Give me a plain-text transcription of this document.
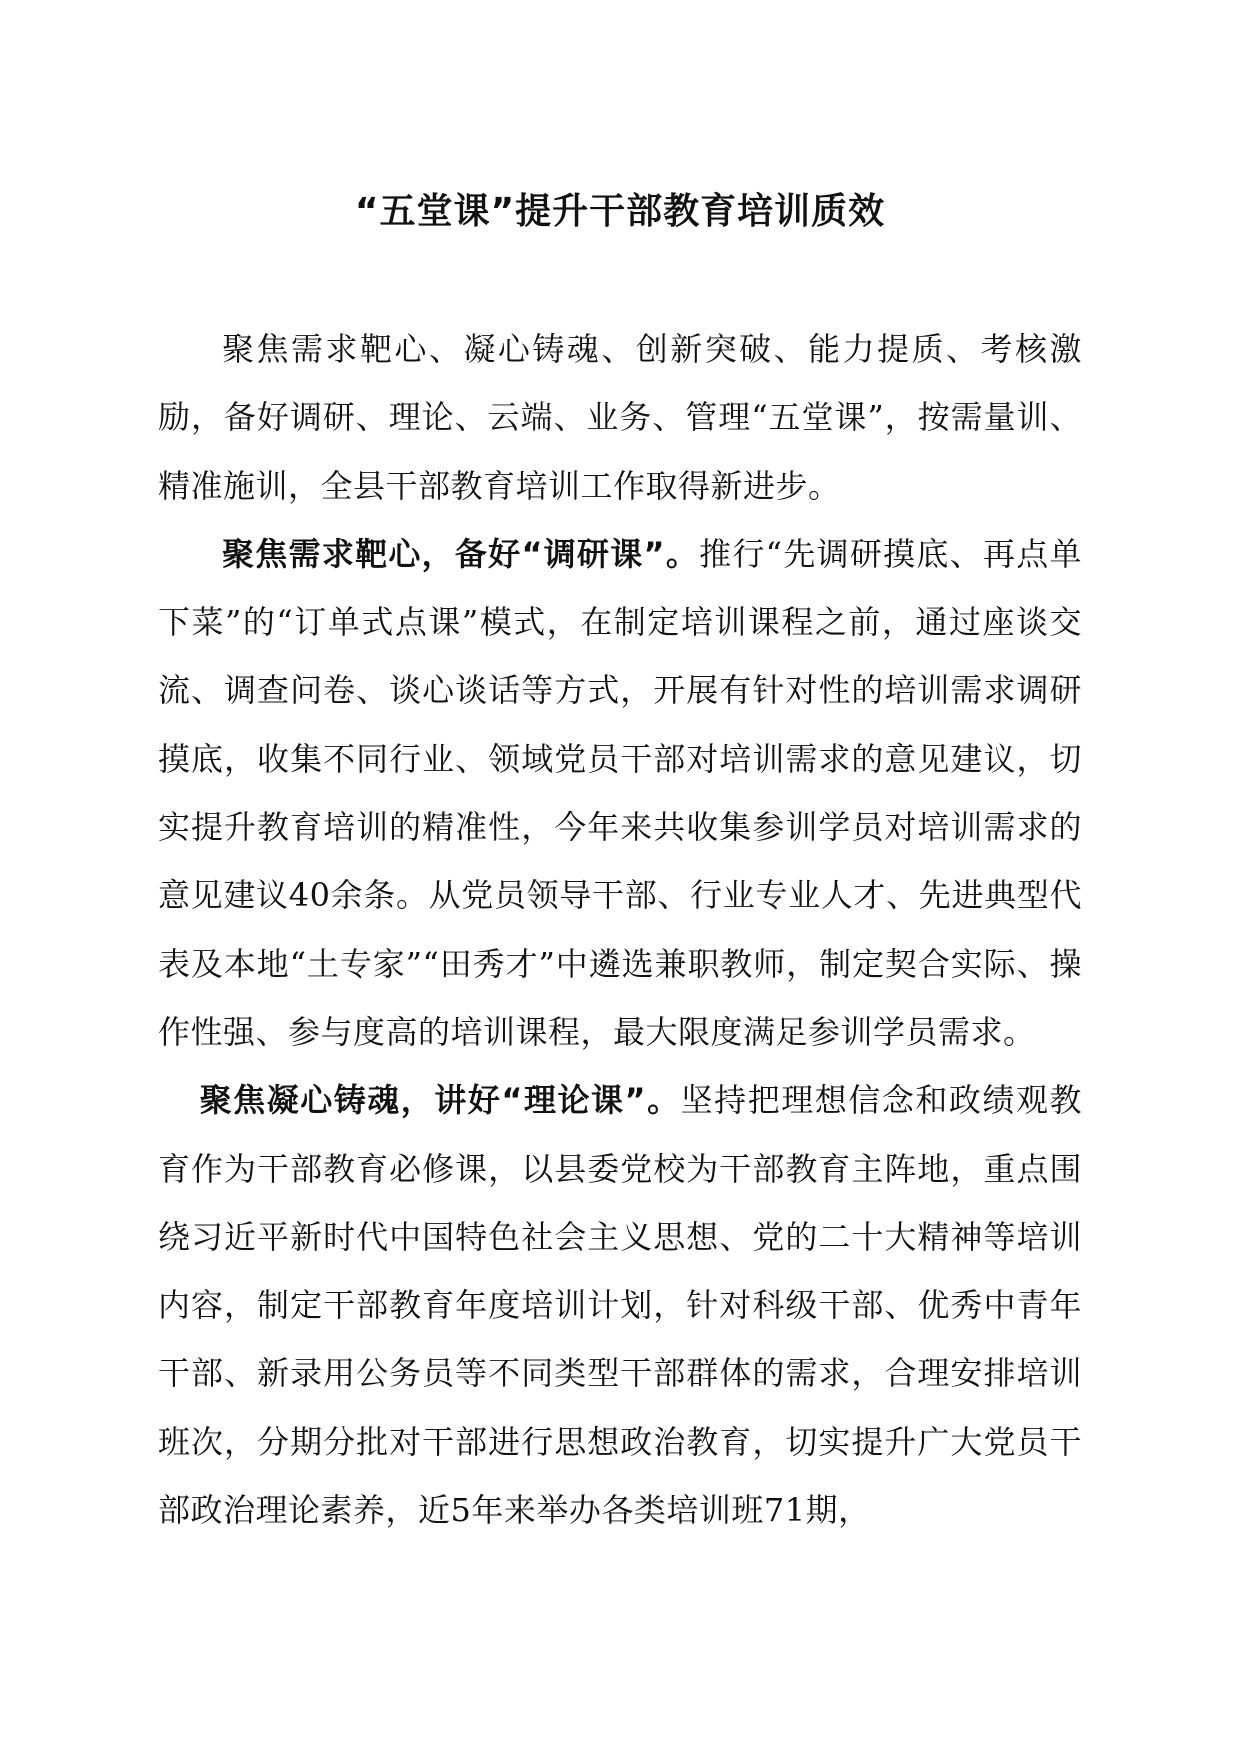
“五堂课”提升干部教育培训质效

聚焦需求靶心、凝心铸魂、创新突破、能力提质、考核激励，备好调研、理论、云端、业务、管理“五堂课”，按需量训、精准施训，全县干部教育培训工作取得新进步。

聚焦需求靶心，备好“调研课”。推行“先调研摸底、再点单下菜”的“订单式点课”模式，在制定培训课程之前，通过座谈交流、调查问卷、谈心谈话等方式，开展有针对性的培训需求调研摸底，收集不同行业、领域党员干部对培训需求的意见建议，切实提升教育培训的精准性，今年来共收集参训学员对培训需求的意见建议40余条。从党员领导干部、行业专业人才、先进典型代表及本地“土专家”“田秀才”中遴选兼职教师，制定契合实际、操作性强、参与度高的培训课程，最大限度满足参训学员需求。

聚焦凝心铸魂，讲好“理论课”。坚持把理想信念和政绩观教育作为干部教育必修课，以县委党校为干部教育主阵地，重点围绕习近平新时代中国特色社会主义思想、党的二十大精神等培训内容，制定干部教育年度培训计划，针对科级干部、优秀中青年干部、新录用公务员等不同类型干部群体的需求，合理安排培训班次，分期分批对干部进行思想政治教育，切实提升广大党员干部政治理论素养，近5年来举办各类培训班71期，
